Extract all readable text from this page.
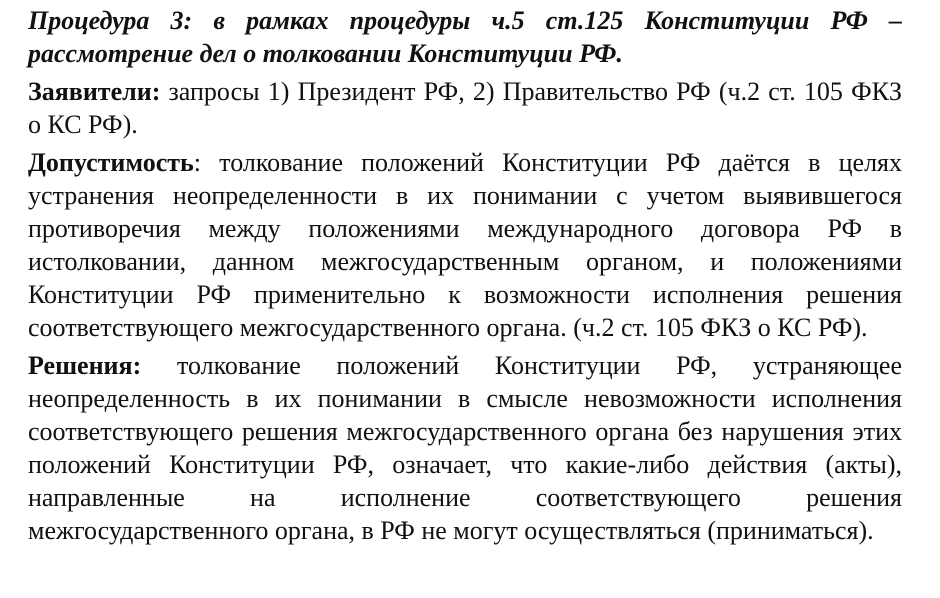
Процедура 3: в рамках процедуры ч.5 ст.125 Конституции РФ – рассмотрение дел о толковании Конституции РФ.

Заявители: запросы 1) Президент РФ, 2) Правительство РФ (ч.2 ст. 105 ФКЗ о КС РФ).

Допустимость: толкование положений Конституции РФ даётся в целях устранения неопределенности в их понимании с учетом выявившегося противоречия между положениями международного договора РФ в истолковании, данном межгосударственным органом, и положениями Конституции РФ применительно к возможности исполнения решения соответствующего межгосударственного органа. (ч.2 ст. 105 ФКЗ о КС РФ).

Решения: толкование положений Конституции РФ, устраняющее неопределенность в их понимании в смысле невозможности исполнения соответствующего решения межгосударственного органа без нарушения этих положений Конституции РФ, означает, что какие-либо действия (акты), направленные на исполнение соответствующего решения межгосударственного органа, в РФ не могут осуществляться (приниматься).
